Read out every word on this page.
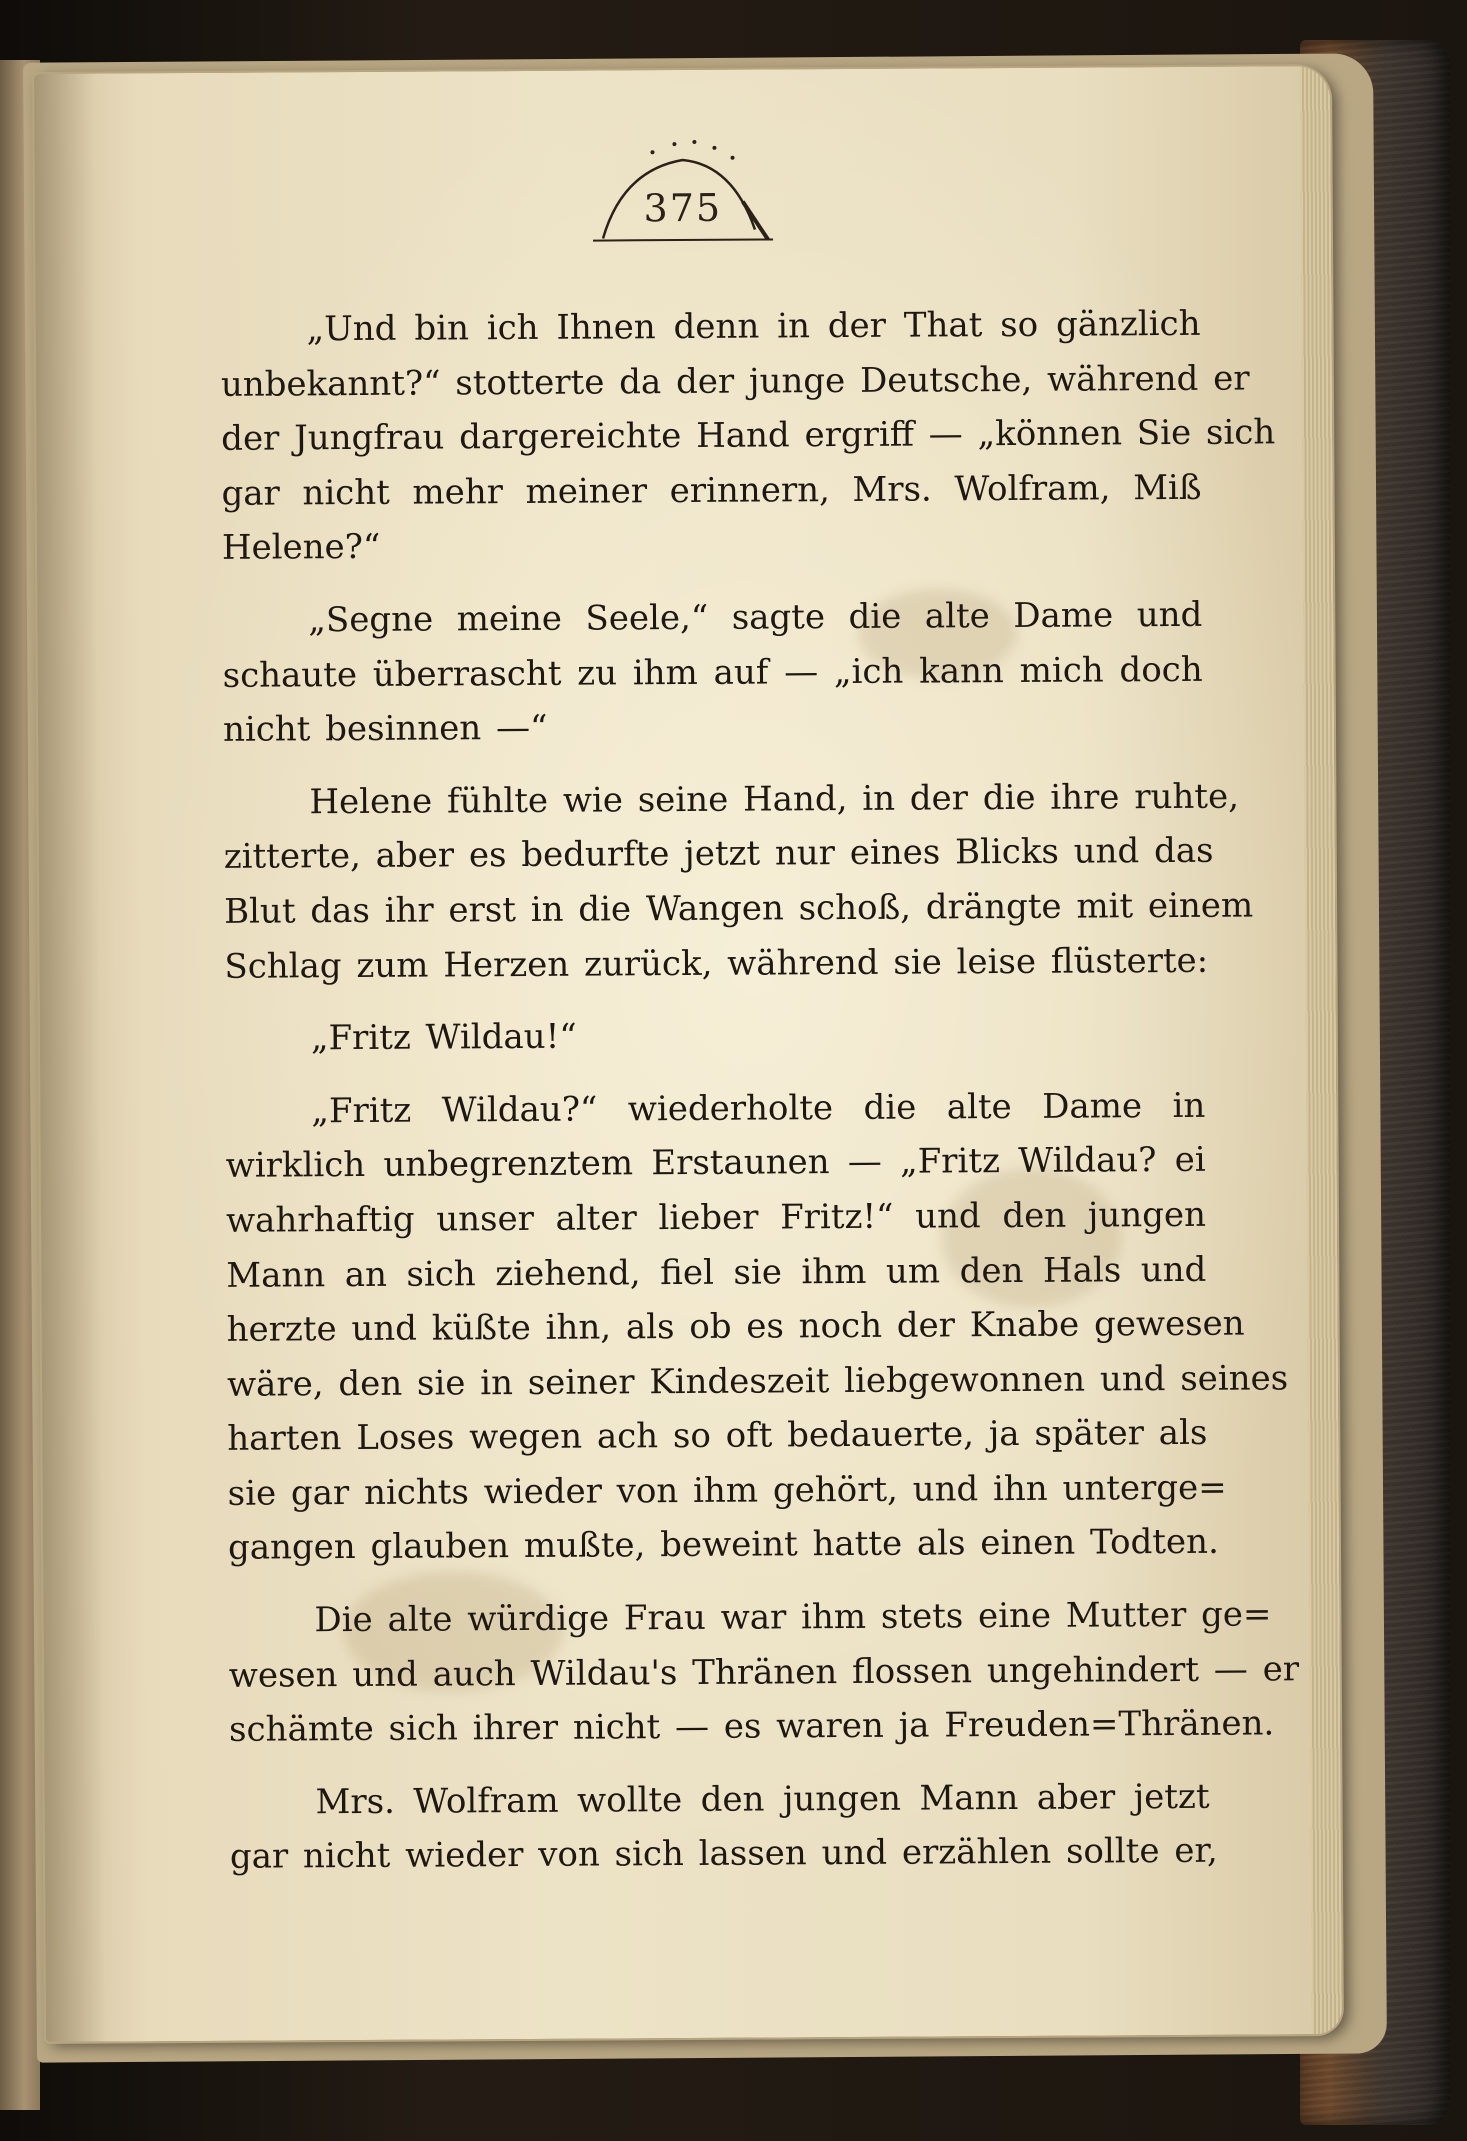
375
„Und bin ich Ihnen denn in der That so gänzlich
unbekannt?“ stotterte da der junge Deutsche, während er
der Jungfrau dargereichte Hand ergriff — „können Sie sich
gar nicht mehr meiner erinnern, Mrs. Wolfram, Miß
Helene?“
„Segne meine Seele,“ sagte die alte Dame und
schaute überrascht zu ihm auf — „ich kann mich doch
nicht besinnen —“
Helene fühlte wie seine Hand, in der die ihre ruhte,
zitterte, aber es bedurfte jetzt nur eines Blicks und das
Blut das ihr erst in die Wangen schoß, drängte mit einem
Schlag zum Herzen zurück, während sie leise flüsterte:
„Fritz Wildau!“
„Fritz Wildau?“ wiederholte die alte Dame in
wirklich unbegrenztem Erstaunen — „Fritz Wildau? ei
wahrhaftig unser alter lieber Fritz!“ und den jungen
Mann an sich ziehend, fiel sie ihm um den Hals und
herzte und küßte ihn, als ob es noch der Knabe gewesen
wäre, den sie in seiner Kindeszeit liebgewonnen und seines
harten Loses wegen ach so oft bedauerte, ja später als
sie gar nichts wieder von ihm gehört, und ihn unterge=
gangen glauben mußte, beweint hatte als einen Todten.
Die alte würdige Frau war ihm stets eine Mutter ge=
wesen und auch Wildau's Thränen flossen ungehindert — er
schämte sich ihrer nicht — es waren ja Freuden=Thränen.
Mrs. Wolfram wollte den jungen Mann aber jetzt
gar nicht wieder von sich lassen und erzählen sollte er,
